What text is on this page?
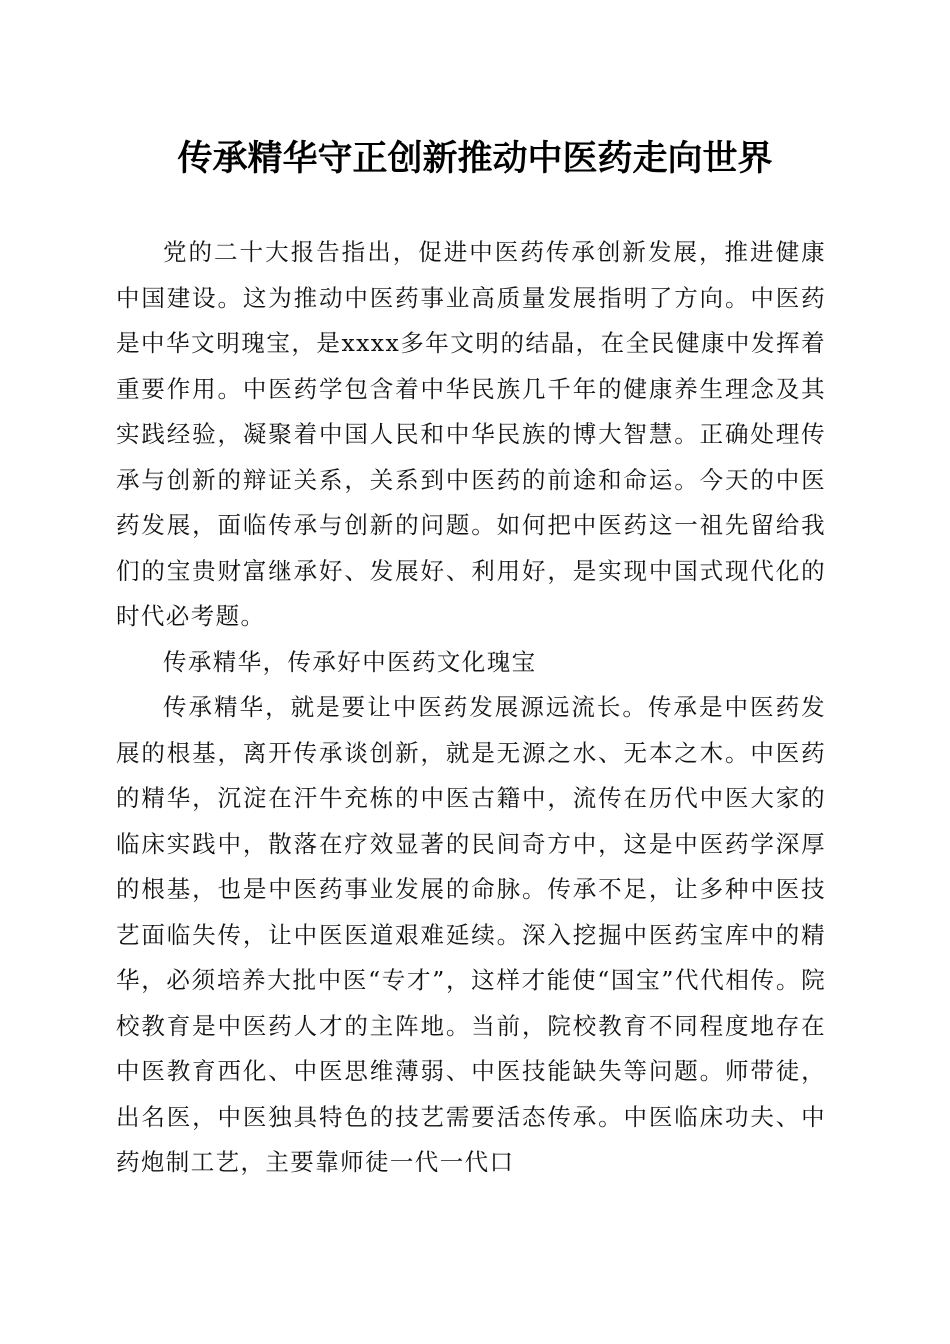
传承精华守正创新推动中医药走向世界

党的二十大报告指出，促进中医药传承创新发展，推进健康中国建设。这为推动中医药事业高质量发展指明了方向。中医药是中华文明瑰宝，是xxxx多年文明的结晶，在全民健康中发挥着重要作用。中医药学包含着中华民族几千年的健康养生理念及其实践经验，凝聚着中国人民和中华民族的博大智慧。正确处理传承与创新的辩证关系，关系到中医药的前途和命运。今天的中医药发展，面临传承与创新的问题。如何把中医药这一祖先留给我们的宝贵财富继承好、发展好、利用好，是实现中国式现代化的时代必考题。

传承精华，传承好中医药文化瑰宝

传承精华，就是要让中医药发展源远流长。传承是中医药发展的根基，离开传承谈创新，就是无源之水、无本之木。中医药的精华，沉淀在汗牛充栋的中医古籍中，流传在历代中医大家的临床实践中，散落在疗效显著的民间奇方中，这是中医药学深厚的根基，也是中医药事业发展的命脉。传承不足，让多种中医技艺面临失传，让中医医道艰难延续。深入挖掘中医药宝库中的精华，必须培养大批中医“专才”，这样才能使“国宝”代代相传。院校教育是中医药人才的主阵地。当前，院校教育不同程度地存在中医教育西化、中医思维薄弱、中医技能缺失等问题。师带徒，出名医，中医独具特色的技艺需要活态传承。中医临床功夫、中药炮制工艺，主要靠师徒一代一代口
